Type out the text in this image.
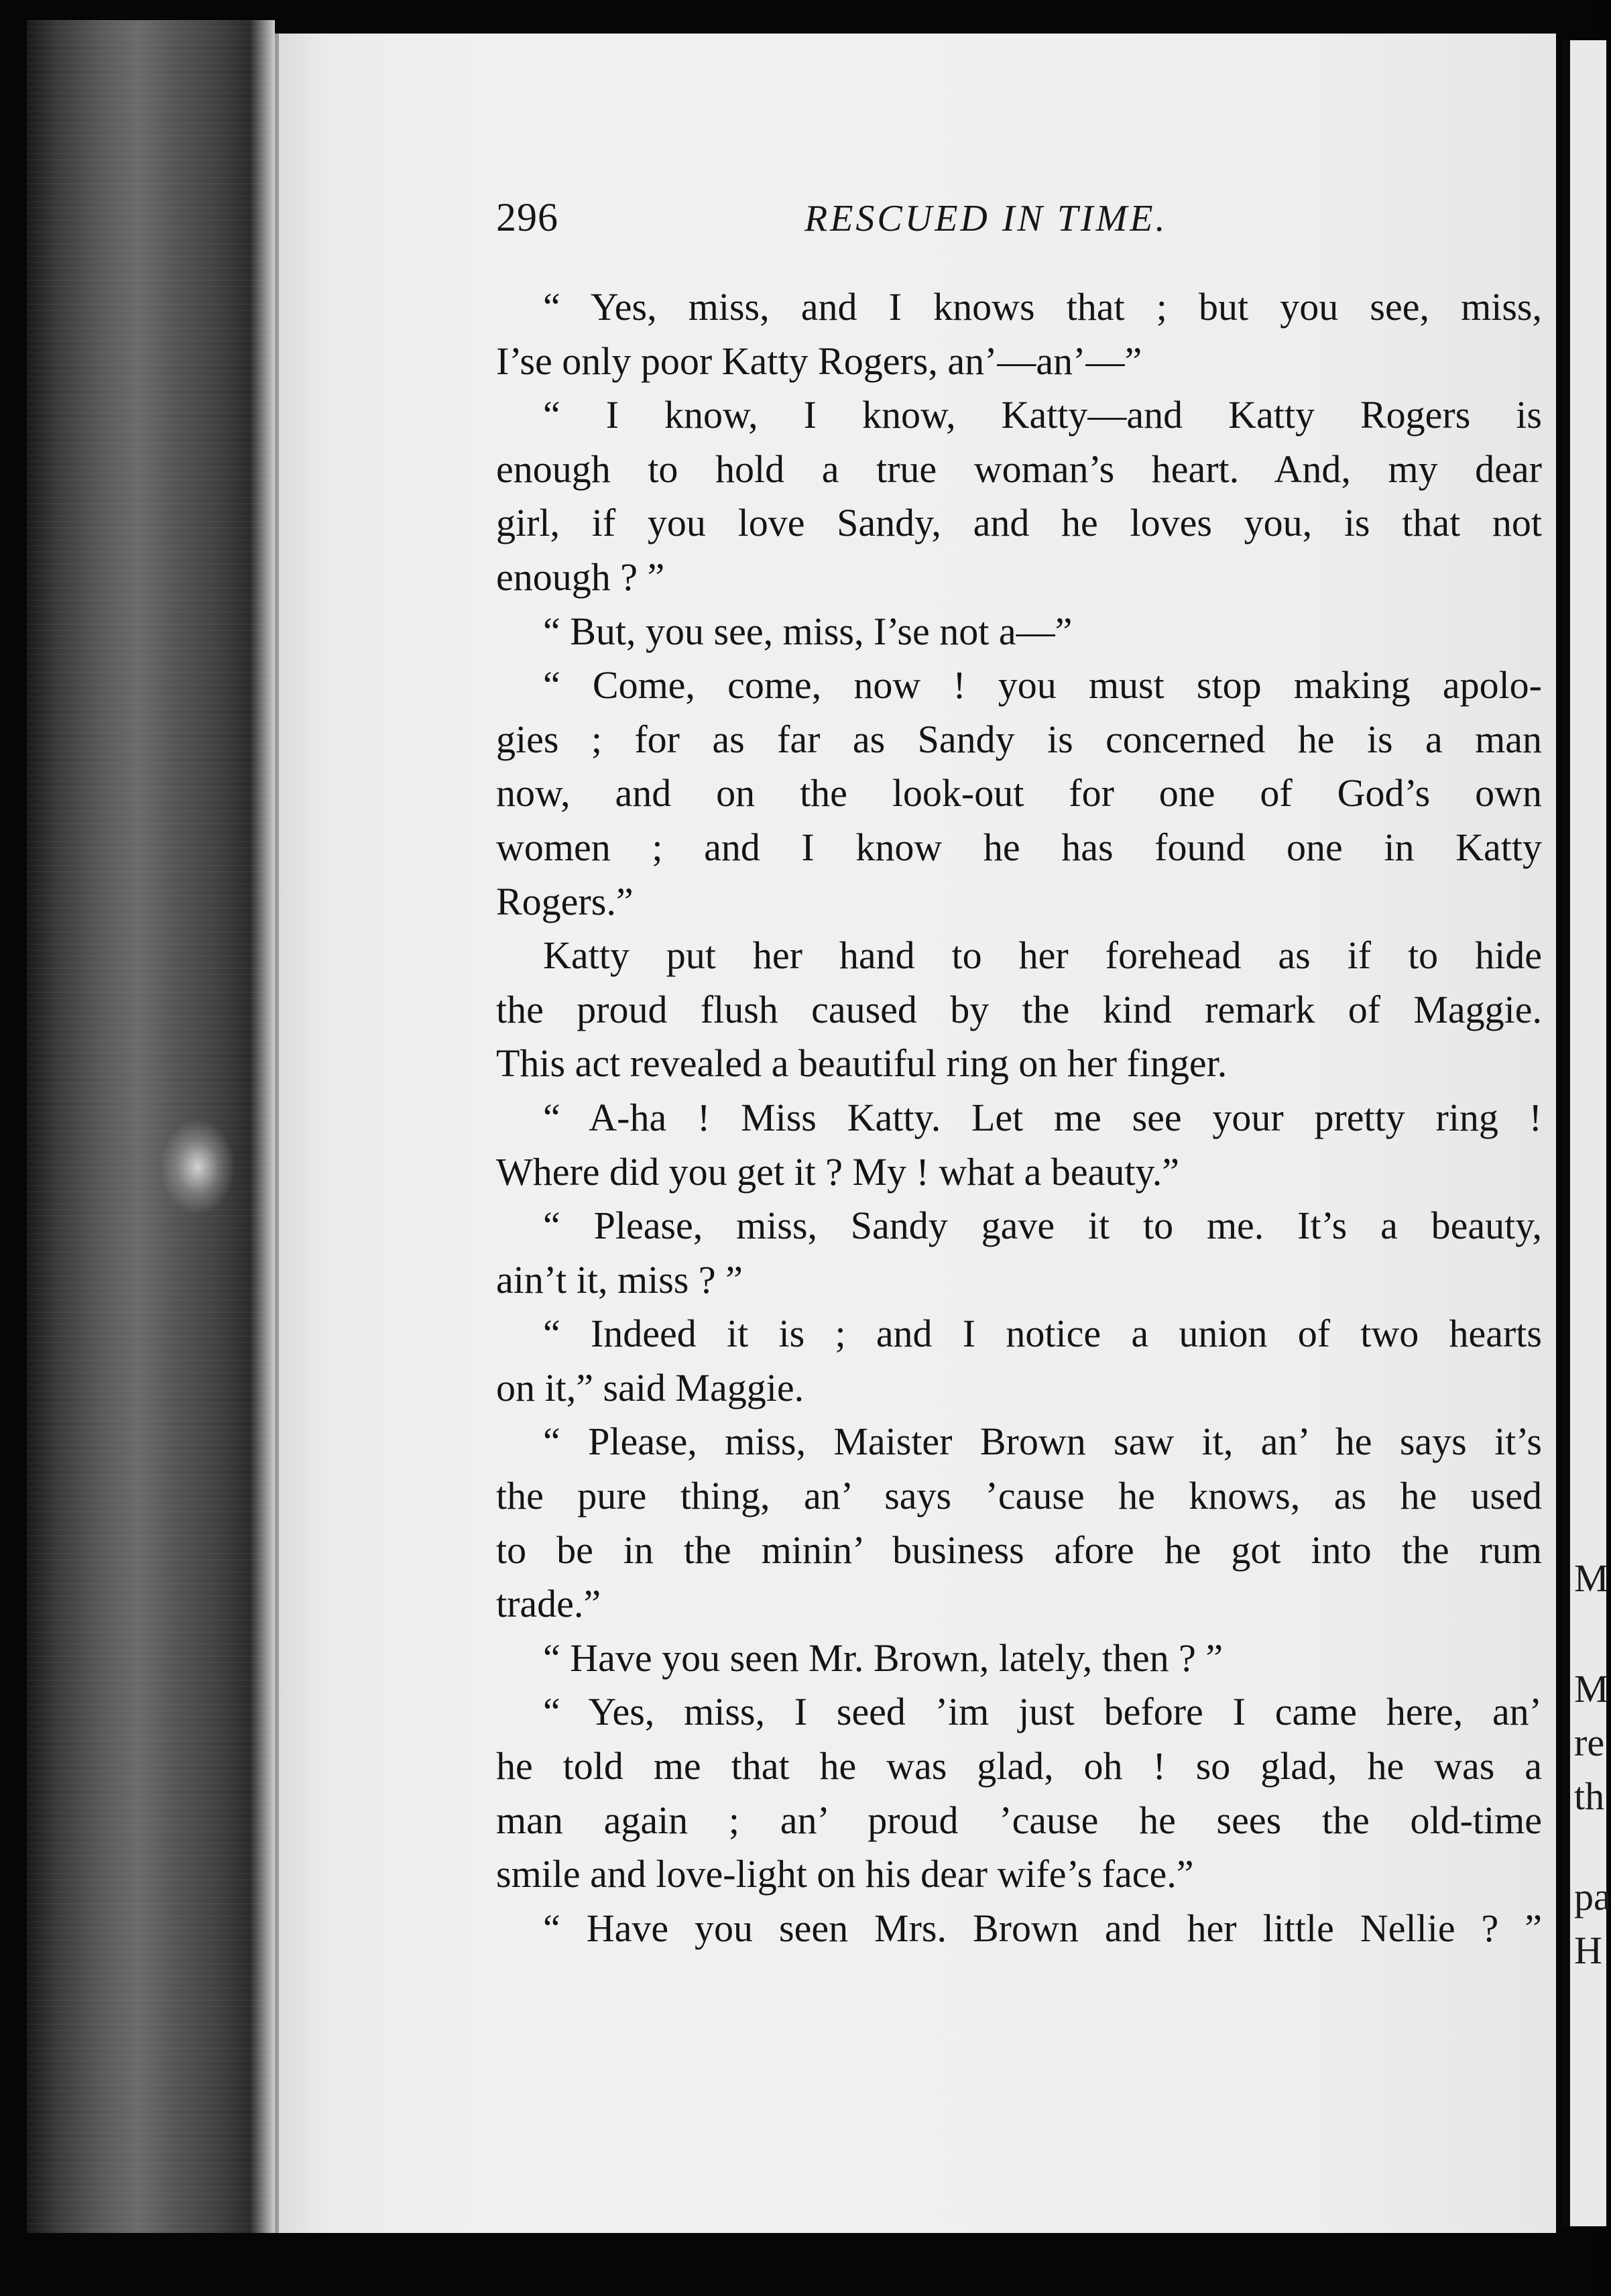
M
M
re
th
pa
H
296	RESCUED IN TIME.
“ Yes, miss, and I knows that ; but you see, miss,
I’se only poor Katty Rogers, an’—an’—”
“ I know, I know, Katty—and Katty Rogers is
enough to hold a true woman’s heart. And, my dear
girl, if you love Sandy, and he loves you, is that not
enough ? ”
“ But, you see, miss, I’se not a—”
“ Come, come, now ! you must stop making apolo-
gies ; for as far as Sandy is concerned he is a man
now, and on the look-out for one of God’s own
women ; and I know he has found one in Katty
Rogers.”
Katty put her hand to her forehead as if to hide
the proud flush caused by the kind remark of Maggie.
This act revealed a beautiful ring on her finger.
“ A-ha ! Miss Katty. Let me see your pretty ring !
Where did you get it ? My ! what a beauty.”
“ Please, miss, Sandy gave it to me. It’s a beauty,
ain’t it, miss ? ”
“ Indeed it is ; and I notice a union of two hearts
on it,” said Maggie.
“ Please, miss, Maister Brown saw it, an’ he says it’s
the pure thing, an’ says ’cause he knows, as he used
to be in the minin’ business afore he got into the rum
trade.”
“ Have you seen Mr. Brown, lately, then ? ”
“ Yes, miss, I seed ’im just before I came here, an’
he told me that he was glad, oh ! so glad, he was a
man again ; an’ proud ’cause he sees the old-time
smile and love-light on his dear wife’s face.”
“ Have you seen Mrs. Brown and her little Nellie ? ”
